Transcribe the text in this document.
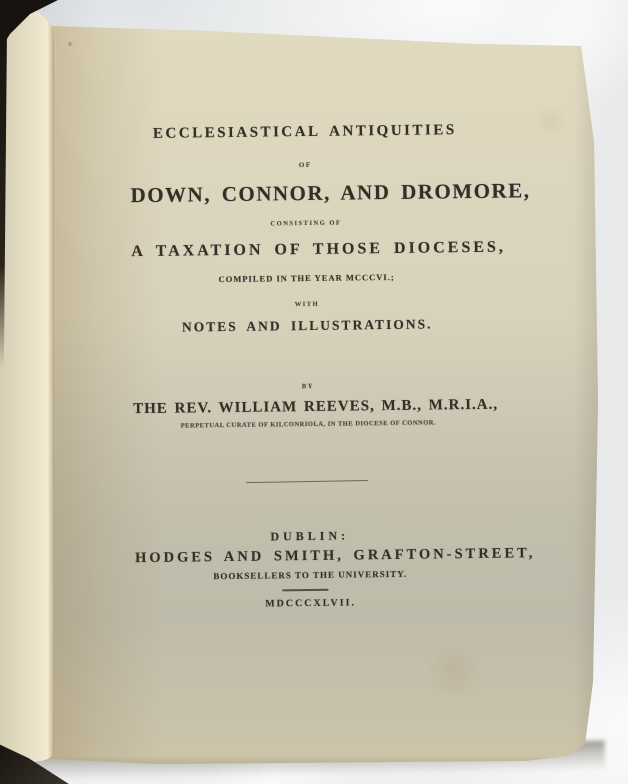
ECCLESIASTICAL ANTIQUITIES
OF
DOWN, CONNOR, AND DROMORE,
CONSISTING OF
A TAXATION OF THOSE DIOCESES,
COMPILED IN THE YEAR MCCCVI.;
WITH
NOTES AND ILLUSTRATIONS.
BY
THE REV. WILLIAM REEVES, M.B., M.R.I.A.,
PERPETUAL CURATE OF KILCONRIOLA, IN THE DIOCESE OF CONNOR.
DUBLIN:
HODGES AND SMITH, GRAFTON-STREET,
BOOKSELLERS TO THE UNIVERSITY.
MDCCCXLVII.
